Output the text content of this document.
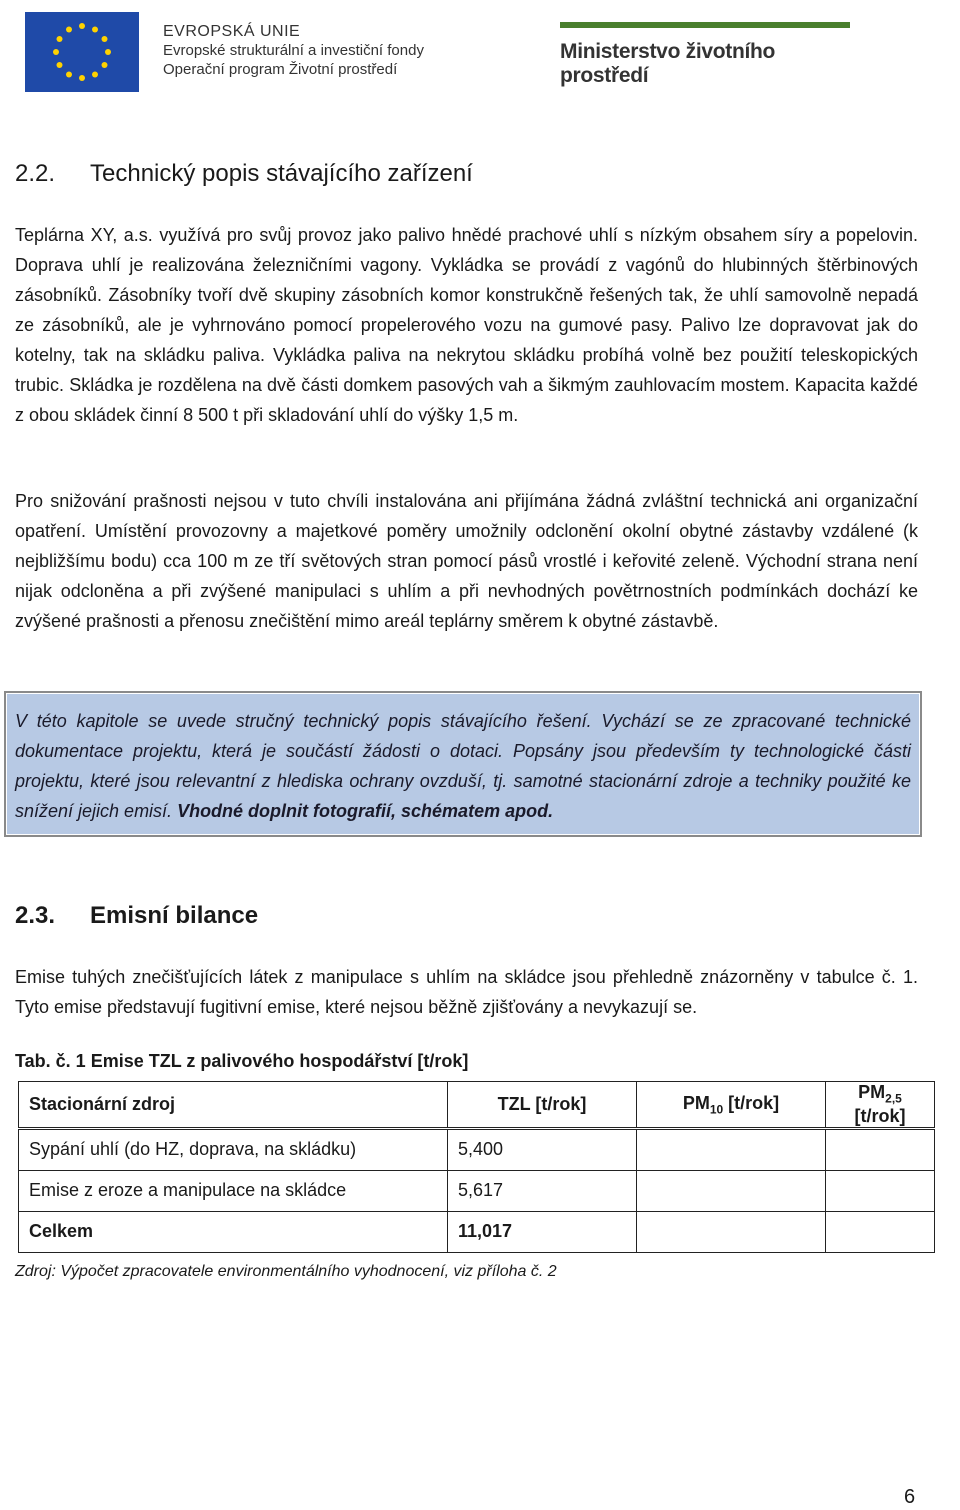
EVROPSKÁ UNIE
Evropské strukturální a investiční fondy
Operační program Životní prostředí
Ministerstvo životního prostředí
2.2. Technický popis stávajícího zařízení
Teplárna XY, a.s. využívá pro svůj provoz jako palivo hnědé prachové uhlí s nízkým obsahem síry a popelovin. Doprava uhlí je realizována železničními vagony. Vykládka se provádí z vagónů do hlubinných štěrbinových zásobníků. Zásobníky tvoří dvě skupiny zásobních komor konstrukčně řešených tak, že uhlí samovolně nepadá ze zásobníků, ale je vyhrnováno pomocí propelerového vozu na gumové pasy. Palivo lze dopravovat jak do kotelny, tak na skládku paliva. Vykládka paliva na nekrytou skládku probíhá volně bez použití teleskopických trubic. Skládka je rozdělena na dvě části domkem pasových vah a šikmým zauhlovacím mostem. Kapacita každé z obou skládek činní 8 500 t při skladování uhlí do výšky 1,5 m.
Pro snižování prašnosti nejsou v tuto chvíli instalována ani přijímána žádná zvláštní technická ani organizační opatření. Umístění provozovny a majetkové poměry umožnily odclonění okolní obytné zástavby vzdálené (k nejbližšímu bodu) cca 100 m ze tří světových stran pomocí pásů vrostlé i keřovité zeleně. Východní strana není nijak odcloněna a při zvýšené manipulaci s uhlím a při nevhodných povětrnostních podmínkách dochází ke zvýšené prašnosti a přenosu znečištění mimo areál teplárny směrem k obytné zástavbě.
V této kapitole se uvede stručný technický popis stávajícího řešení. Vychází se ze zpracované technické dokumentace projektu, která je součástí žádosti o dotaci. Popsány jsou především ty technologické části projektu, které jsou relevantní z hlediska ochrany ovzduší, tj. samotné stacionární zdroje a techniky použité ke snížení jejich emisí. Vhodné doplnit fotografií, schématem apod.
2.3. Emisní bilance
Emise tuhých znečišťujících látek z manipulace s uhlím na skládce jsou přehledně znázorněny v tabulce č. 1. Tyto emise představují fugitivní emise, které nejsou běžně zjišťovány a nevykazují se.
Tab. č. 1 Emise TZL z palivového hospodářství [t/rok]
Stacionární zdroj	TZL [t/rok]	$PM_{10}$ [t/rok]	$PM_{2,5}$ [t/rok]
Sypání uhlí (do HZ, doprava, na skládku)	5,400		
Emise z eroze a manipulace na skládce	5,617		
Celkem	11,017		
Zdroj: Výpočet zpracovatele environmentálního vyhodnocení, viz příloha č. 2
6
